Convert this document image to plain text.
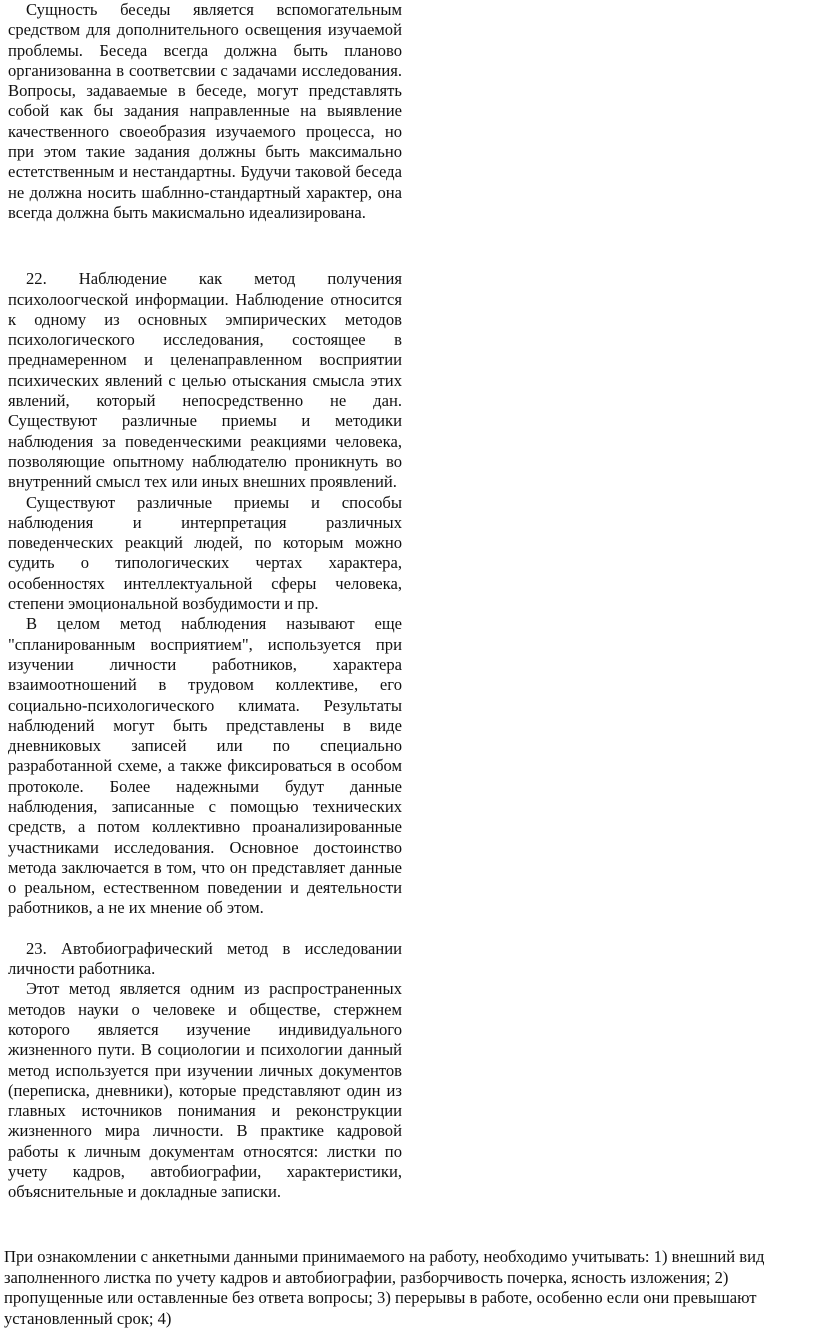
Сущность беседы является вспомогательным средством для дополнительного освещения изучаемой проблемы. Беседа всегда должна быть планово организованна в соответсвии с задачами исследования. Вопросы, задаваемые в беседе, могут представлять собой как бы задания направленные на выявление качественного своеобразия изучаемого процесса, но при этом такие задания должны быть максимально естетственным и нестандартны. Будучи таковой беседа не должна носить шаблнно-стандартный характер, она всегда должна быть макисмально идеализирована.

22. Наблюдение как метод получения психолоогческой информации. Наблюдение относится к одному из основных эмпирических методов психологического исследования, состоящее в преднамеренном и целенаправленном восприятии психических явлений с целью отыскания смысла этих явлений, который непосредственно не дан. Существуют различные приемы и методики наблюдения за поведенческими реакциями человека, позволяющие опытному наблюдателю проникнуть во внутренний смысл тех или иных внешних проявлений.

Существуют различные приемы и способы наблюдения и интерпретация различных поведенческих реакций людей, по которым можно судить о типологических чертах характера, особенностях интеллектуальной сферы человека, степени эмоциональной возбудимости и пр.

В целом метод наблюдения называют еще "спланированным восприятием", используется при изучении личности работников, характера взаимоотношений в трудовом коллективе, его социально-психологического климата. Результаты наблюдений могут быть представлены в виде дневниковых записей или по специально разработанной схеме, а также фиксироваться в особом протоколе. Более надежными будут данные наблюдения, записанные с помощью технических средств, а потом коллективно проанализированные участниками исследования. Основное достоинство метода заключается в том, что он представляет данные о реальном, естественном поведении и деятельности работников, а не их мнение об этом.

23. Автобиографический метод в исследовании личности работника.

Этот метод является одним из распространенных методов науки о человеке и обществе, стержнем которого является изучение индивидуального жизненного пути. В социологии и психологии данный метод используется при изучении личных документов (переписка, дневники), которые представляют один из главных источников понимания и реконструкции жизненного мира личности. В практике кадровой работы к личным документам относятся: листки по учету кадров, автобиографии, характеристики, объяснительные и докладные записки.

При ознакомлении с анкетными данными принимаемого на работу, необходимо учитывать: 1) внешний вид заполненного листка по учету кадров и автобиографии, разборчивость почерка, ясность изложения; 2) пропущенные или оставленные без ответа вопросы; 3) перерывы в работе, особенно если они превышают установленный срок; 4)
